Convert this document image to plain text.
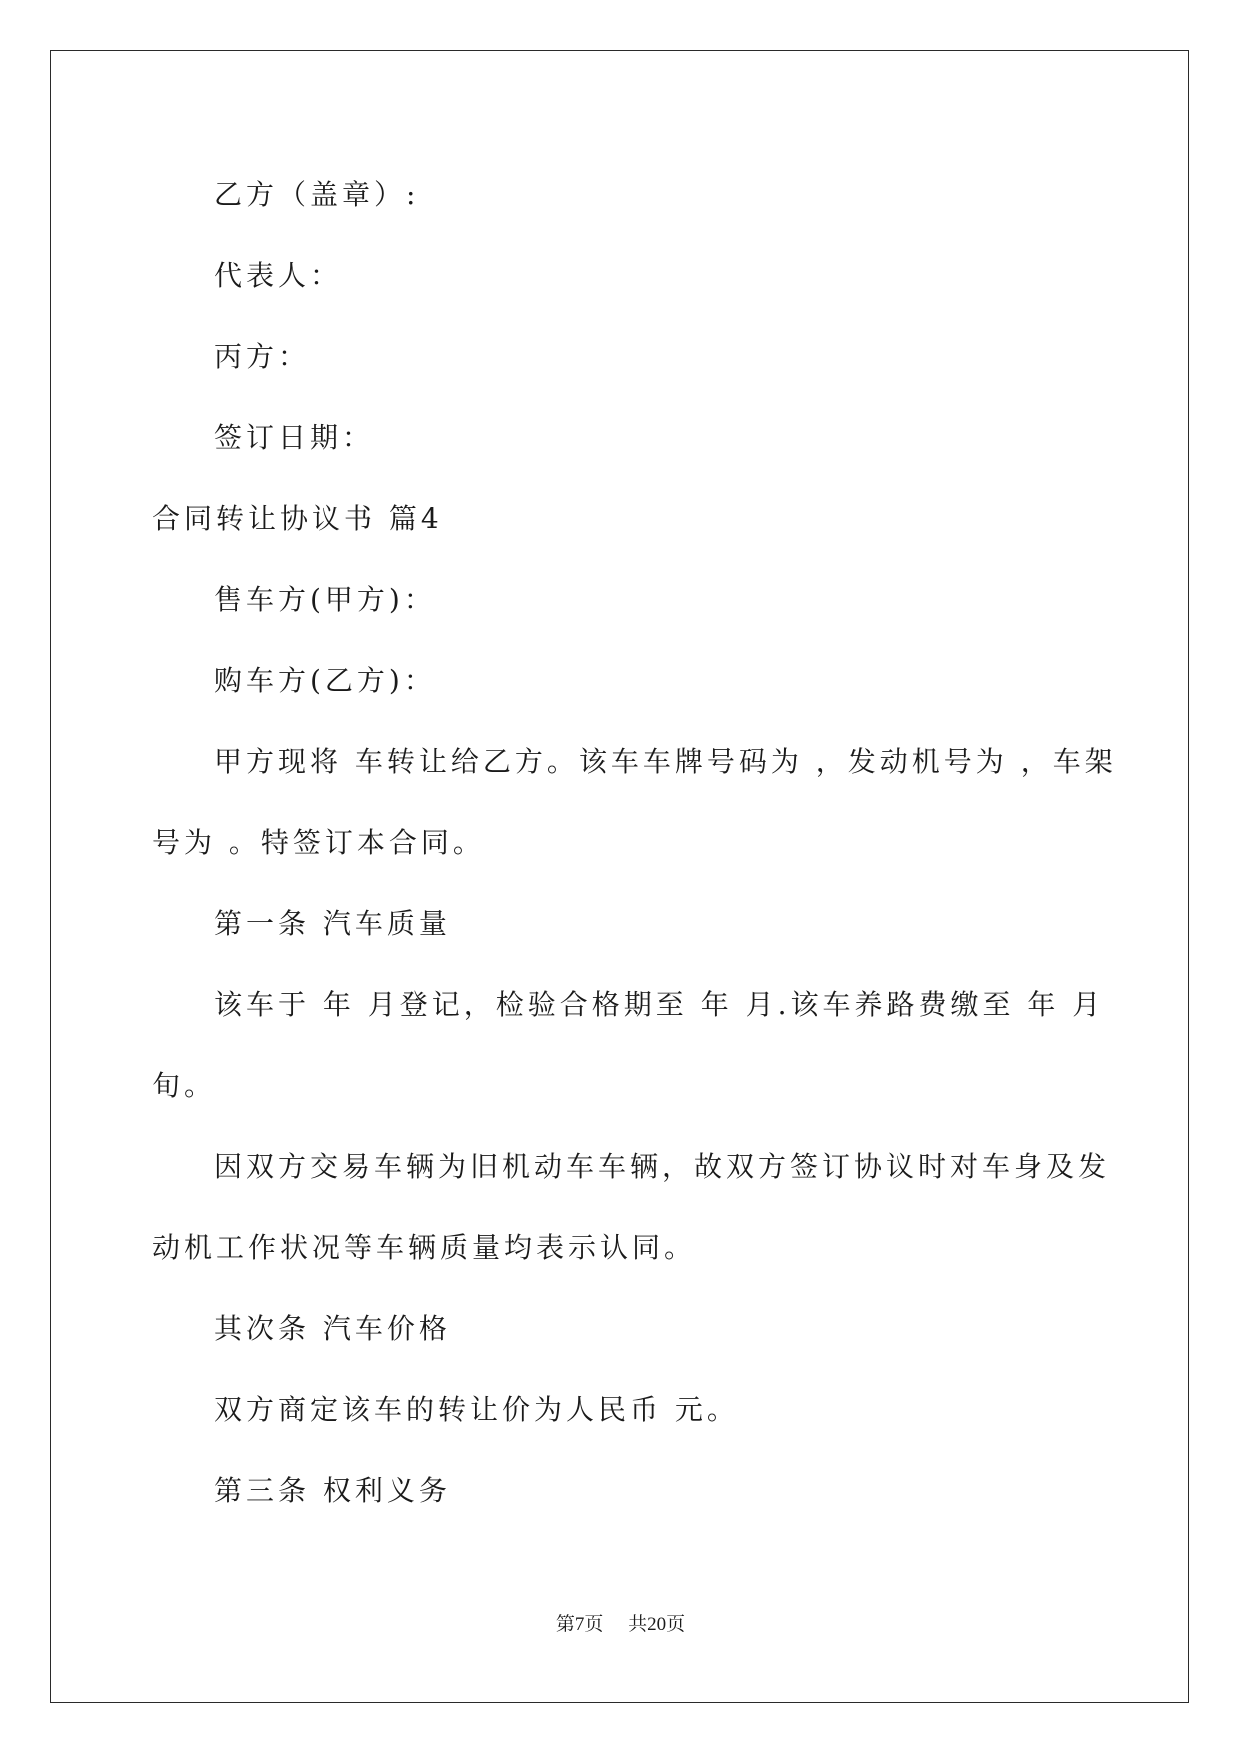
乙方（盖章）:
代表人：
丙方：
签订日期：
合同转让协议书 篇4
售车方(甲方)：
购车方(乙方)：
甲方现将 车转让给乙方。该车车牌号码为 ，发动机号为 ，车架
号为 。特签订本合同。
第一条 汽车质量
该车于 年 月登记，检验合格期至 年 月.该车养路费缴至 年 月
旬。
因双方交易车辆为旧机动车车辆，故双方签订协议时对车身及发
动机工作状况等车辆质量均表示认同。
其次条 汽车价格
双方商定该车的转让价为人民币 元。
第三条 权利义务
第7页 共20页
